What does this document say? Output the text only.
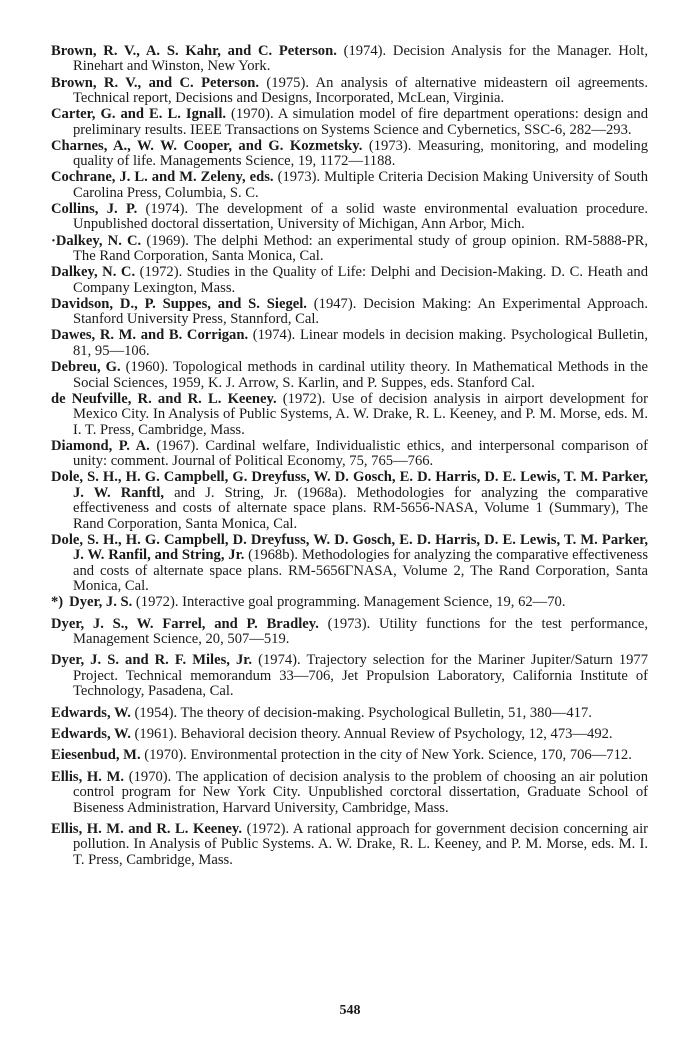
Brown, R. V., A. S. Kahr, and C. Peterson. (1974). Decision Analysis for the Manager. Holt, Rinehart and Winston, New York.

Brown, R. V., and C. Peterson. (1975). An analysis of alternative mideastern oil agreements. Technical report, Decisions and Designs, Incorporated, McLean, Virginia.

Carter, G. and E. L. Ignall. (1970). A simulation model of fire department operations: design and preliminary results. IEEE Transactions on Systems Science and Cybernetics, SSC-6, 282—293.

Charnes, A., W. W. Cooper, and G. Kozmetsky. (1973). Measuring, monitoring, and modeling quality of life. Managements Science, 19, 1172—1188.

Cochrane, J. L. and M. Zeleny, eds. (1973). Multiple Criteria Decision Making University of South Carolina Press, Columbia, S. C.

Collins, J. P. (1974). The development of a solid waste environmental evaluation procedure. Unpublished doctoral dissertation, University of Michigan, Ann Arbor, Mich.

·Dalkey, N. C. (1969). The delphi Method: an experimental study of group opinion. RM-5888-PR, The Rand Corporation, Santa Monica, Cal.

Dalkey, N. C. (1972). Studies in the Quality of Life: Delphi and Decision-Making. D. C. Heath and Company Lexington, Mass.

Davidson, D., P. Suppes, and S. Siegel. (1947). Decision Making: An Experimental Approach. Stanford University Press, Stannford, Cal.

Dawes, R. M. and B. Corrigan. (1974). Linear models in decision making. Psychological Bulletin, 81, 95—106.

Debreu, G. (1960). Topological methods in cardinal utility theory. In Mathematical Methods in the Social Sciences, 1959, K. J. Arrow, S. Karlin, and P. Suppes, eds. Stanford Cal.

de Neufville, R. and R. L. Keeney. (1972). Use of decision analysis in airport development for Mexico City. In Analysis of Public Systems, A. W. Drake, R. L. Keeney, and P. M. Morse, eds. M. I. T. Press, Cambridge, Mass.

Diamond, P. A. (1967). Cardinal welfare, Individualistic ethics, and interpersonal comparison of unity: comment. Journal of Political Economy, 75, 765—766.

Dole, S. H., H. G. Campbell, G. Dreyfuss, W. D. Gosch, E. D. Harris, D. E. Lewis, T. M. Parker, J. W. Ranftl, and J. String, Jr. (1968a). Methodologies for analyzing the comparative effectiveness and costs of alternate space plans. RM-5656-NASA, Volume 1 (Summary), The Rand Corporation, Santa Monica, Cal.

Dole, S. H., H. G. Campbell, D. Dreyfuss, W. D. Gosch, E. D. Harris, D. E. Lewis, T. M. Parker, J. W. Ranfil, and String, Jr. (1968b). Methodologies for analyzing the comparative effectiveness and costs of alternate space plans. RM-5656ГNASA, Volume 2, The Rand Corporation, Santa Monica, Cal.

*) Dyer, J. S. (1972). Interactive goal programming. Management Science, 19, 62—70.

Dyer, J. S., W. Farrel, and P. Bradley. (1973). Utility functions for the test performance, Management Science, 20, 507—519.

Dyer, J. S. and R. F. Miles, Jr. (1974). Trajectory selection for the Mariner Jupiter/Saturn 1977 Project. Technical memorandum 33—706, Jet Propulsion Laboratory, California Institute of Technology, Pasadena, Cal.

Edwards, W. (1954). The theory of decision-making. Psychological Bulletin, 51, 380—417.

Edwards, W. (1961). Behavioral decision theory. Annual Review of Psychology, 12, 473—492.

Eiesenbud, M. (1970). Environmental protection in the city of New York. Science, 170, 706—712.

Ellis, H. M. (1970). The application of decision analysis to the problem of choosing an air polution control program for New York City. Unpublished corctoral dissertation, Graduate School of Biseness Administration, Harvard University, Cambridge, Mass.

Ellis, H. M. and R. L. Keeney. (1972). A rational approach for government decision concerning air pollution. In Analysis of Public Systems. A. W. Drake, R. L. Keeney, and P. M. Morse, eds. M. I. T. Press, Cambridge, Mass.

548
